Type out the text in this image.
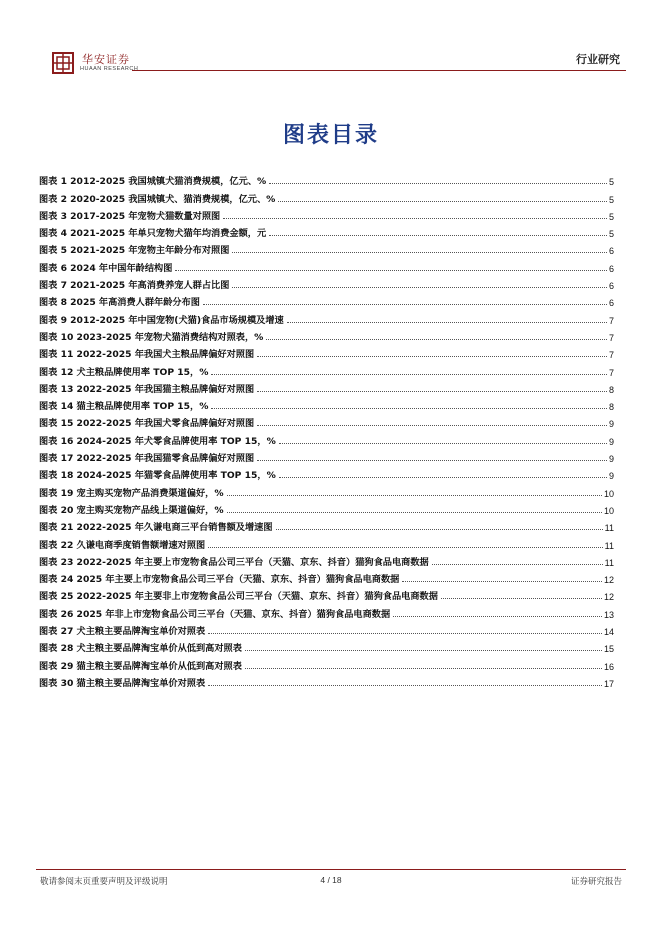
华安证券
HUAAN RESEARCH
行业研究
图表目录
图表 1 2012-2025 我国城镇犬猫消费规模，亿元、%	5
图表 2 2020-2025 我国城镇犬、猫消费规模，亿元、%	5
图表 3 2017-2025 年宠物犬猫数量对照图	5
图表 4 2021-2025 年单只宠物犬猫年均消费金额，元	5
图表 5 2021-2025 年宠物主年龄分布对照图	6
图表 6 2024 年中国年龄结构图	6
图表 7 2021-2025 年高消费养宠人群占比图	6
图表 8 2025 年高消费人群年龄分布图	6
图表 9 2012-2025 年中国宠物(犬猫)食品市场规模及增速	7
图表 10 2023-2025 年宠物犬猫消费结构对照表，%	7
图表 11 2022-2025 年我国犬主粮品牌偏好对照图	7
图表 12 犬主粮品牌使用率 TOP 15，%	7
图表 13 2022-2025 年我国猫主粮品牌偏好对照图	8
图表 14 猫主粮品牌使用率 TOP 15，%	8
图表 15 2022-2025 年我国犬零食品牌偏好对照图	9
图表 16 2024-2025 年犬零食品牌使用率 TOP 15，%	9
图表 17 2022-2025 年我国猫零食品牌偏好对照图	9
图表 18 2024-2025 年猫零食品牌使用率 TOP 15，%	9
图表 19 宠主购买宠物产品消费渠道偏好，%	10
图表 20 宠主购买宠物产品线上渠道偏好，%	10
图表 21 2022-2025 年久谦电商三平台销售额及增速图	11
图表 22 久谦电商季度销售额增速对照图	11
图表 23 2022-2025 年主要上市宠物食品公司三平台（天猫、京东、抖音）猫狗食品电商数据	11
图表 24 2025 年主要上市宠物食品公司三平台（天猫、京东、抖音）猫狗食品电商数据	12
图表 25 2022-2025 年主要非上市宠物食品公司三平台（天猫、京东、抖音）猫狗食品电商数据	12
图表 26 2025 年非上市宠物食品公司三平台（天猫、京东、抖音）猫狗食品电商数据	13
图表 27 犬主粮主要品牌淘宝单价对照表	14
图表 28 犬主粮主要品牌淘宝单价从低到高对照表	15
图表 29 猫主粮主要品牌淘宝单价从低到高对照表	16
图表 30 猫主粮主要品牌淘宝单价对照表	17
敬请参阅末页重要声明及评级说明	4 / 18	证券研究报告
